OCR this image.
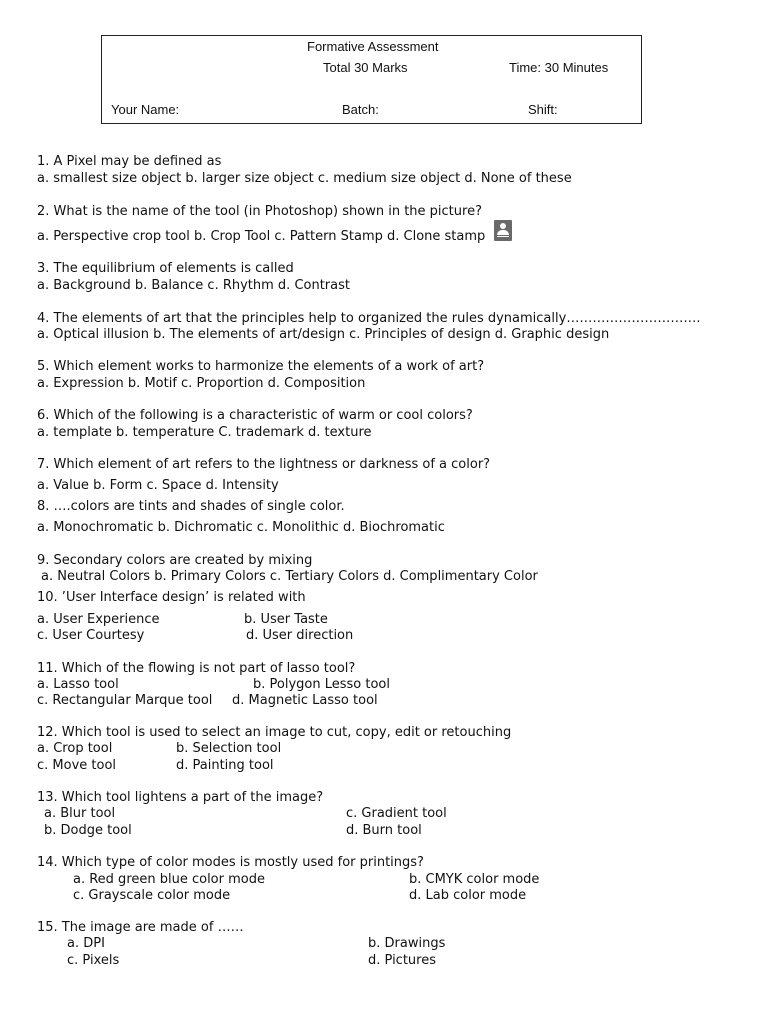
Formative Assessment
Total 30 Marks	Time: 30 Minutes
Your Name:	Batch:	Shift:
1. A Pixel may be defined as
a. smallest size object b. larger size object c. medium size object d. None of these
2. What is the name of the tool (in Photoshop) shown in the picture?
a. Perspective crop tool b. Crop Tool c. Pattern Stamp d. Clone stamp
3. The equilibrium of elements is called
a. Background b. Balance c. Rhythm d. Contrast
4. The elements of art that the principles help to organized the rules dynamically………………………….
a. Optical illusion b. The elements of art/design c. Principles of design d. Graphic design
5. Which element works to harmonize the elements of a work of art?
a. Expression b. Motif c. Proportion d. Composition
6. Which of the following is a characteristic of warm or cool colors?
a. template b. temperature C. trademark d. texture
7. Which element of art refers to the lightness or darkness of a color?
a. Value b. Form c. Space d. Intensity
8. ….colors are tints and shades of single color.
a. Monochromatic b. Dichromatic c. Monolithic d. Biochromatic
9. Secondary colors are created by mixing
a. Neutral Colors b. Primary Colors c. Tertiary Colors d. Complimentary Color
10. ’User Interface design’ is related with
a. User Experience	b. User Taste
c. User Courtesy	d. User direction
11. Which of the flowing is not part of lasso tool?
a. Lasso tool	b. Polygon Lesso tool
c. Rectangular Marque tool d. Magnetic Lasso tool
12. Which tool is used to select an image to cut, copy, edit or retouching
a. Crop tool	b. Selection tool
c. Move tool	d. Painting tool
13. Which tool lightens a part of the image?
a. Blur tool	c. Gradient tool
b. Dodge tool	d. Burn tool
14. Which type of color modes is mostly used for printings?
a. Red green blue color mode	b. CMYK color mode
c. Grayscale color mode	d. Lab color mode
15. The image are made of ……
a. DPI	b. Drawings
c. Pixels	d. Pictures
